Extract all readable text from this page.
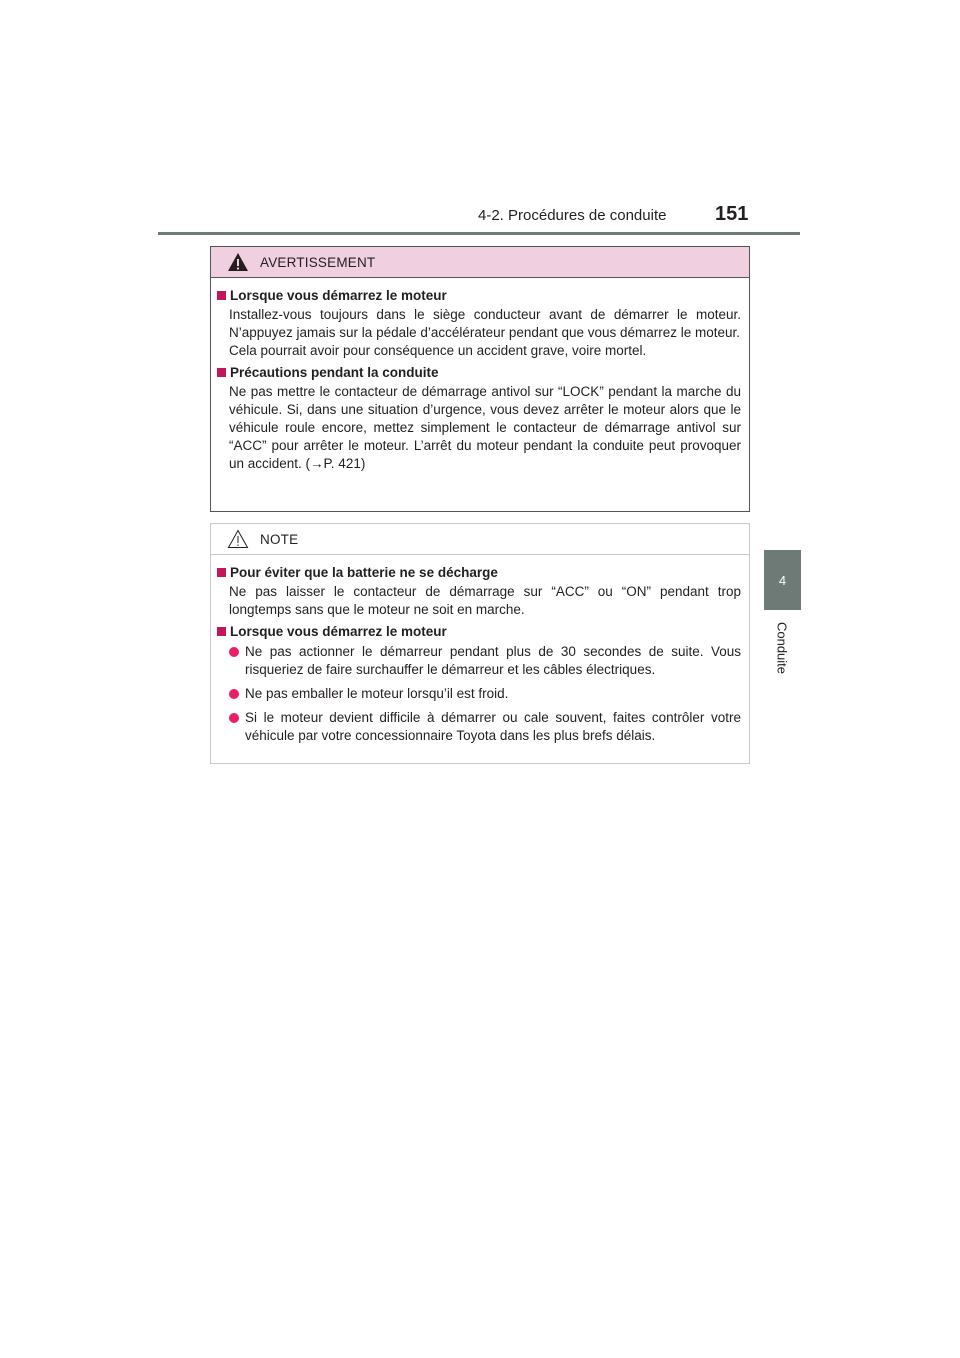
4-2. Procédures de conduite 151
4
Conduite
AVERTISSEMENT
Lorsque vous démarrez le moteur
Installez-vous toujours dans le siège conducteur avant de démarrer le moteur. N’appuyez jamais sur la pédale d’accélérateur pendant que vous démarrez le moteur.
Cela pourrait avoir pour conséquence un accident grave, voire mortel.
Précautions pendant la conduite
Ne pas mettre le contacteur de démarrage antivol sur “LOCK” pendant la marche du véhicule. Si, dans une situation d’urgence, vous devez arrêter le moteur alors que le véhicule roule encore, mettez simplement le contacteur de démarrage antivol sur “ACC” pour arrêter le moteur. L’arrêt du moteur pendant la conduite peut provoquer un accident. (→P. 421)
NOTE
Pour éviter que la batterie ne se décharge
Ne pas laisser le contacteur de démarrage sur “ACC” ou “ON” pendant trop longtemps sans que le moteur ne soit en marche.
Lorsque vous démarrez le moteur
Ne pas actionner le démarreur pendant plus de 30 secondes de suite. Vous risqueriez de faire surchauffer le démarreur et les câbles électriques.
Ne pas emballer le moteur lorsqu’il est froid.
Si le moteur devient difficile à démarrer ou cale souvent, faites contrôler votre véhicule par votre concessionnaire Toyota dans les plus brefs délais.
